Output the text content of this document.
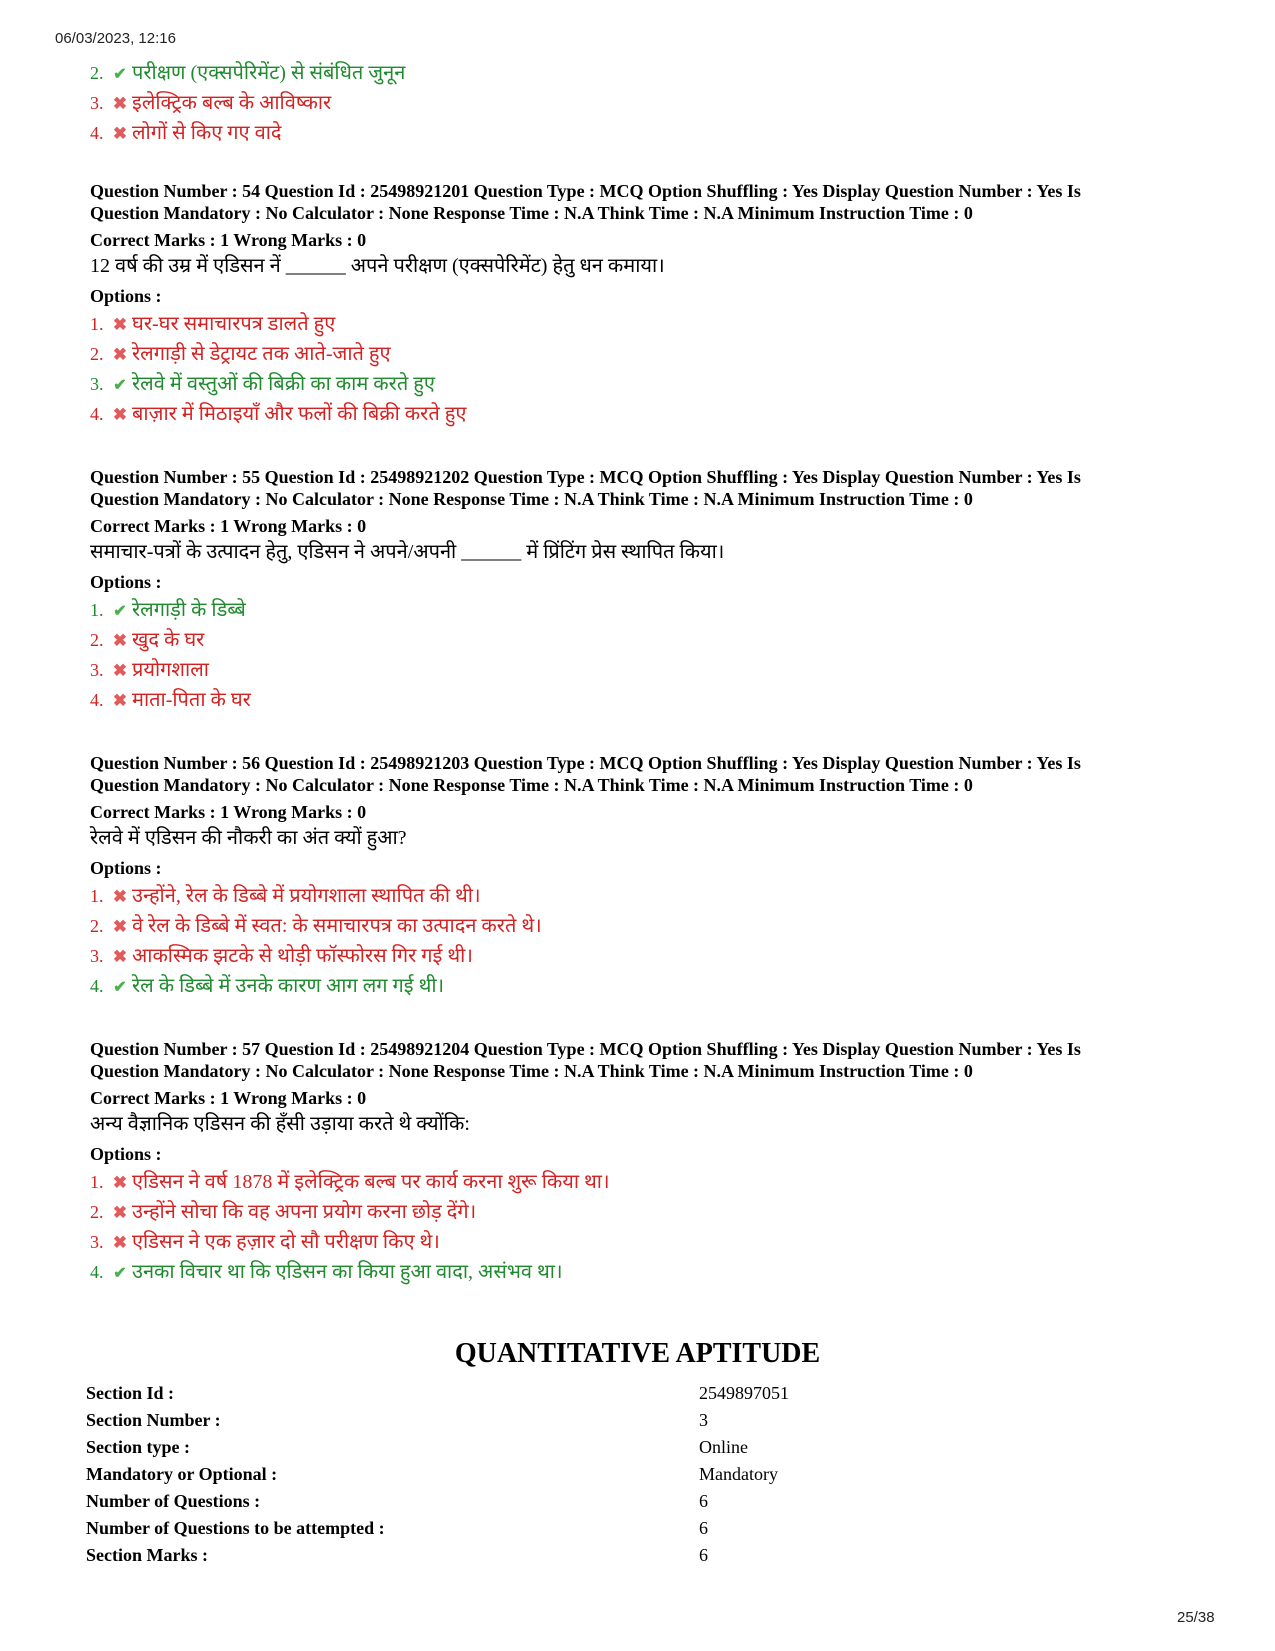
06/03/2023, 12:16
2. ✔ परीक्षण (एक्सपेरिमेंट) से संबंधित जुनून
3. ✖ इलेक्ट्रिक बल्ब के आविष्कार
4. ✖ लोगों से किए गए वादे
Question Number : 54 Question Id : 25498921201 Question Type : MCQ Option Shuffling : Yes Display Question Number : Yes Is
Question Mandatory : No Calculator : None Response Time : N.A Think Time : N.A Minimum Instruction Time : 0
Correct Marks : 1 Wrong Marks : 0
12 वर्ष की उम्र में एडिसन नें ______ अपने परीक्षण (एक्सपेरिमेंट) हेतु धन कमाया।
Options :
1. ✖ घर-घर समाचारपत्र डालते हुए
2. ✖ रेलगाड़ी से डेट्रायट तक आते-जाते हुए
3. ✔ रेलवे में वस्तुओं की बिक्री का काम करते हुए
4. ✖ बाज़ार में मिठाइयाँ और फलों की बिक्री करते हुए
Question Number : 55 Question Id : 25498921202 Question Type : MCQ Option Shuffling : Yes Display Question Number : Yes Is
Question Mandatory : No Calculator : None Response Time : N.A Think Time : N.A Minimum Instruction Time : 0
Correct Marks : 1 Wrong Marks : 0
समाचार-पत्रों के उत्पादन हेतु, एडिसन ने अपने/अपनी ______ में प्रिंटिंग प्रेस स्थापित किया।
Options :
1. ✔ रेलगाड़ी के डिब्बे
2. ✖ खुद के घर
3. ✖ प्रयोगशाला
4. ✖ माता-पिता के घर
Question Number : 56 Question Id : 25498921203 Question Type : MCQ Option Shuffling : Yes Display Question Number : Yes Is
Question Mandatory : No Calculator : None Response Time : N.A Think Time : N.A Minimum Instruction Time : 0
Correct Marks : 1 Wrong Marks : 0
रेलवे में एडिसन की नौकरी का अंत क्यों हुआ?
Options :
1. ✖ उन्होंने, रेल के डिब्बे में प्रयोगशाला स्थापित की थी।
2. ✖ वे रेल के डिब्बे में स्वत: के समाचारपत्र का उत्पादन करते थे।
3. ✖ आकस्मिक झटके से थोड़ी फॉस्फोरस गिर गई थी।
4. ✔ रेल के डिब्बे में उनके कारण आग लग गई थी।
Question Number : 57 Question Id : 25498921204 Question Type : MCQ Option Shuffling : Yes Display Question Number : Yes Is
Question Mandatory : No Calculator : None Response Time : N.A Think Time : N.A Minimum Instruction Time : 0
Correct Marks : 1 Wrong Marks : 0
अन्य वैज्ञानिक एडिसन की हँसी उड़ाया करते थे क्योंकि:
Options :
1. ✖ एडिसन ने वर्ष 1878 में इलेक्ट्रिक बल्ब पर कार्य करना शुरू किया था।
2. ✖ उन्होंने सोचा कि वह अपना प्रयोग करना छोड़ देंगे।
3. ✖ एडिसन ने एक हज़ार दो सौ परीक्षण किए थे।
4. ✔ उनका विचार था कि एडिसन का किया हुआ वादा, असंभव था।
QUANTITATIVE APTITUDE
Section Id :	2549897051
Section Number :	3
Section type :	Online
Mandatory or Optional :	Mandatory
Number of Questions :	6
Number of Questions to be attempted :	6
Section Marks :	6
25/38
